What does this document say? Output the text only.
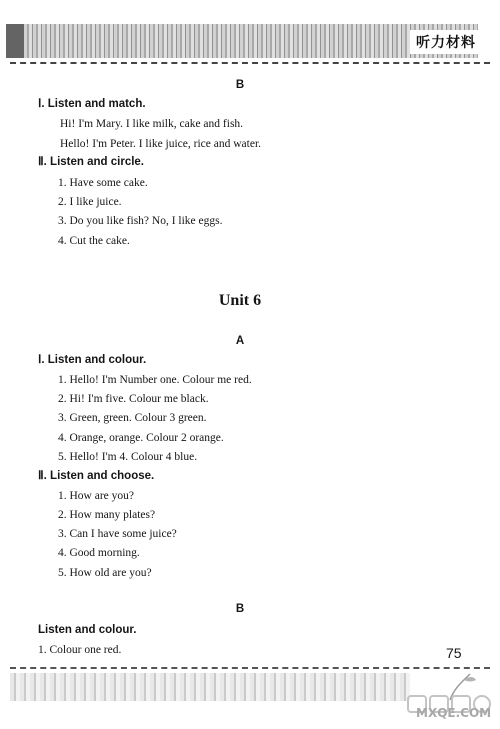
听力材料
B
Ⅰ. Listen and match.
Hi! I'm Mary. I like milk, cake and fish.
Hello! I'm Peter. I like juice, rice and water.
Ⅱ. Listen and circle.
1. Have some cake.
2. I like juice.
3. Do you like fish? No, I like eggs.
4. Cut the cake.
Unit 6
A
Ⅰ. Listen and colour.
1. Hello! I'm Number one. Colour me red.
2. Hi! I'm five. Colour me black.
3. Green, green. Colour 3 green.
4. Orange, orange. Colour 2 orange.
5. Hello! I'm 4. Colour 4 blue.
Ⅱ. Listen and choose.
1. How are you?
2. How many plates?
3. Can I have some juice?
4. Good morning.
5. How old are you?
B
Listen and colour.
1. Colour one red.	75
MXQE.COM
